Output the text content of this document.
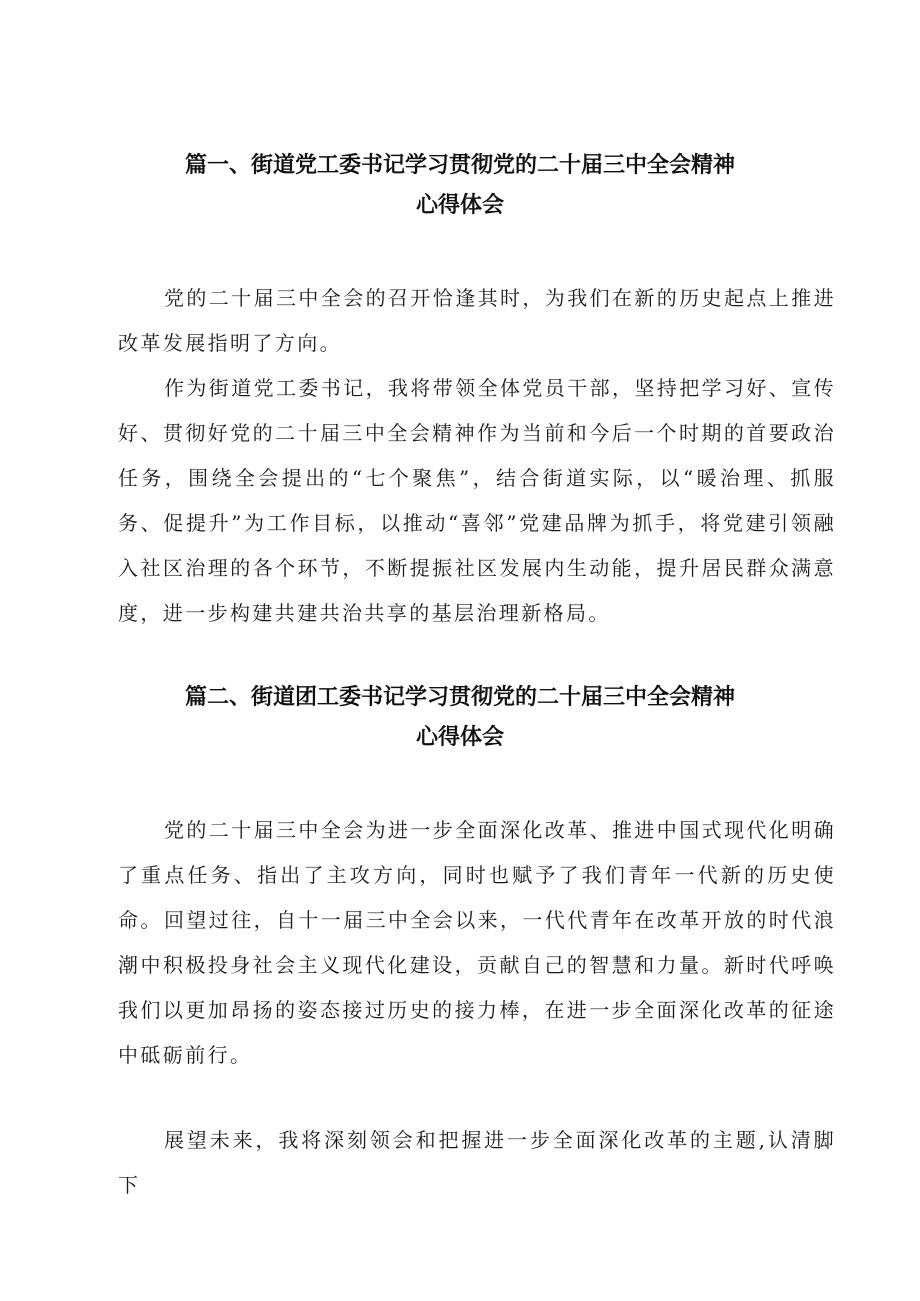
篇一、街道党工委书记学习贯彻党的二十届三中全会精神
心得体会

党的二十届三中全会的召开恰逢其时，为我们在新的历史起点上推进改革发展指明了方向。

作为街道党工委书记，我将带领全体党员干部，坚持把学习好、宣传好、贯彻好党的二十届三中全会精神作为当前和今后一个时期的首要政治任务，围绕全会提出的“七个聚焦”，结合街道实际，以“暖治理、抓服务、促提升”为工作目标，以推动“喜邻”党建品牌为抓手，将党建引领融入社区治理的各个环节，不断提振社区发展内生动能，提升居民群众满意度，进一步构建共建共治共享的基层治理新格局。

篇二、街道团工委书记学习贯彻党的二十届三中全会精神
心得体会

党的二十届三中全会为进一步全面深化改革、推进中国式现代化明确了重点任务、指出了主攻方向，同时也赋予了我们青年一代新的历史使命。 回望过往，自十一届三中全会以来，一代代青年在改革开放的时代浪潮中积极投身社会主义现代化建设，贡献自己的智慧和力量。新时代呼唤我们以更加昂扬的姿态接过历史的接力棒，在进一步全面深化改革的征途中砥砺前行。

展望未来，我将深刻领会和把握进一步全面深化改革的主题,认清脚下
